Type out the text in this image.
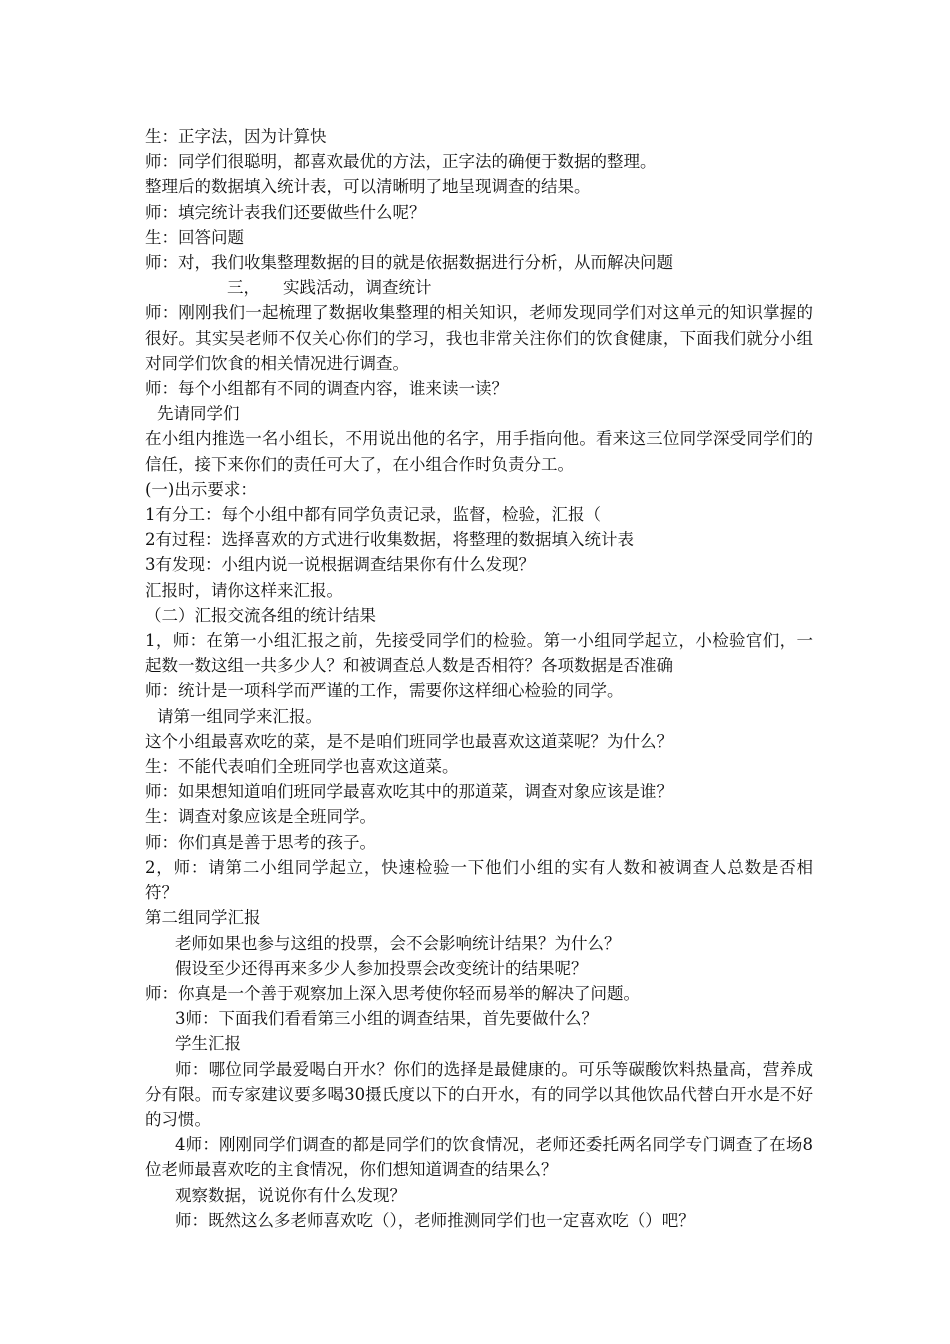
生：正字法，因为计算快

师：同学们很聪明，都喜欢最优的方法，正字法的确便于数据的整理。

整理后的数据填入统计表，可以清晰明了地呈现调查的结果。

师：填完统计表我们还要做些什么呢？

生：回答问题

师：对，我们收集整理数据的目的就是依据数据进行分析，从而解决问题

三， 实践活动，调查统计

师：刚刚我们一起梳理了数据收集整理的相关知识，老师发现同学们对这单元的知识掌握的很好。其实吴老师不仅关心你们的学习，我也非常关注你们的饮食健康，下面我们就分小组对同学们饮食的相关情况进行调查。

师：每个小组都有不同的调查内容，谁来读一读？

先请同学们

在小组内推选一名小组长，不用说出他的名字，用手指向他。看来这三位同学深受同学们的信任，接下来你们的责任可大了，在小组合作时负责分工。

(一)出示要求：

1有分工：每个小组中都有同学负责记录，监督，检验，汇报（

2有过程：选择喜欢的方式进行收集数据，将整理的数据填入统计表

3有发现：小组内说一说根据调查结果你有什么发现？

汇报时，请你这样来汇报。

（二）汇报交流各组的统计结果

1，师：在第一小组汇报之前，先接受同学们的检验。第一小组同学起立，小检验官们，一起数一数这组一共多少人？和被调查总人数是否相符？各项数据是否准确

师：统计是一项科学而严谨的工作，需要你这样细心检验的同学。

请第一组同学来汇报。

这个小组最喜欢吃的菜，是不是咱们班同学也最喜欢这道菜呢？为什么？

生：不能代表咱们全班同学也喜欢这道菜。

师：如果想知道咱们班同学最喜欢吃其中的那道菜，调查对象应该是谁？

生：调查对象应该是全班同学。

师：你们真是善于思考的孩子。

2，师：请第二小组同学起立，快速检验一下他们小组的实有人数和被调查人总数是否相符？

第二组同学汇报

老师如果也参与这组的投票，会不会影响统计结果？为什么？

假设至少还得再来多少人参加投票会改变统计的结果呢？

师：你真是一个善于观察加上深入思考使你轻而易举的解决了问题。

3师：下面我们看看第三小组的调查结果，首先要做什么？

学生汇报

师：哪位同学最爱喝白开水？你们的选择是最健康的。可乐等碳酸饮料热量高，营养成分有限。而专家建议要多喝30摄氏度以下的白开水，有的同学以其他饮品代替白开水是不好的习惯。

4师：刚刚同学们调查的都是同学们的饮食情况，老师还委托两名同学专门调查了在场8位老师最喜欢吃的主食情况，你们想知道调查的结果么？

观察数据，说说你有什么发现？

师：既然这么多老师喜欢吃（），老师推测同学们也一定喜欢吃（）吧？
